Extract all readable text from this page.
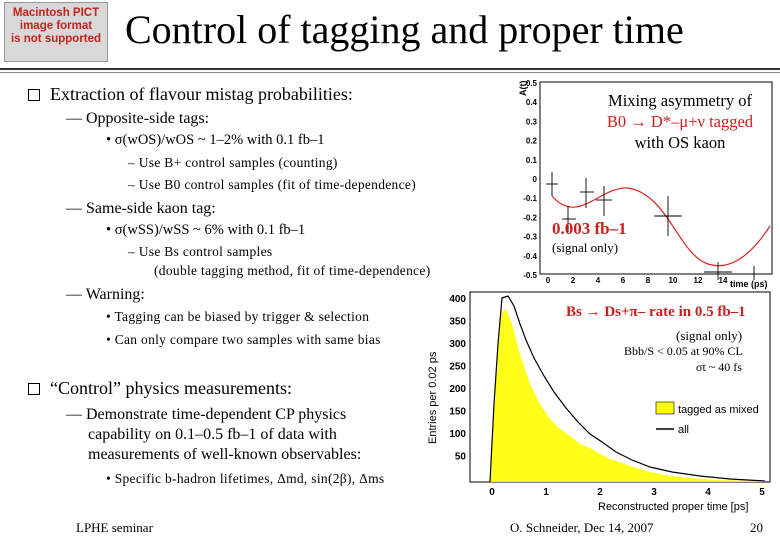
Macintosh PICT
image format
is not supported Control of tagging and proper time
Extraction of flavour mistag probabilities:
— Opposite-side tags:
• σ(wOS)/wOS ~ 1–2% with 0.1 fb–1
– Use B+ control samples (counting)
– Use B0 control samples (fit of time-dependence)
— Same-side kaon tag:
• σ(wSS)/wSS ~ 6% with 0.1 fb–1
– Use Bs control samples
(double tagging method, fit of time-dependence)
— Warning:
• Tagging can be biased by trigger & selection
• Can only compare two samples with same bias
“Control” physics measurements:
— Demonstrate time-dependent CP physics
capability on 0.1–0.5 fb–1 of data with
measurements of well-known observables:
• Specific b-hadron lifetimes, Δmd, sin(2β), Δms
0.5
0.4
0.3
0.2
0.1
0
-0.1
-0.2
-0.3
-0.4
-0.5
0	2	4	6	8 10 12 14
A(t)
time (ps)
Mixing asymmetry of
B0 → D*–μ+ν tagged
with OS kaon
0.003 fb–1
(signal only)
400
350
300
250
200
150
100
50
0	1	2	3	4	5
Entries per 0.02 ps
Reconstructed proper time [ps]
tagged as mixed
all
Bs → Ds+π– rate in 0.5 fb–1
(signal only)
Bbb/S < 0.05 at 90% CL
σt ~ 40 fs
LPHE seminar	O. Schneider, Dec 14, 2007	20
